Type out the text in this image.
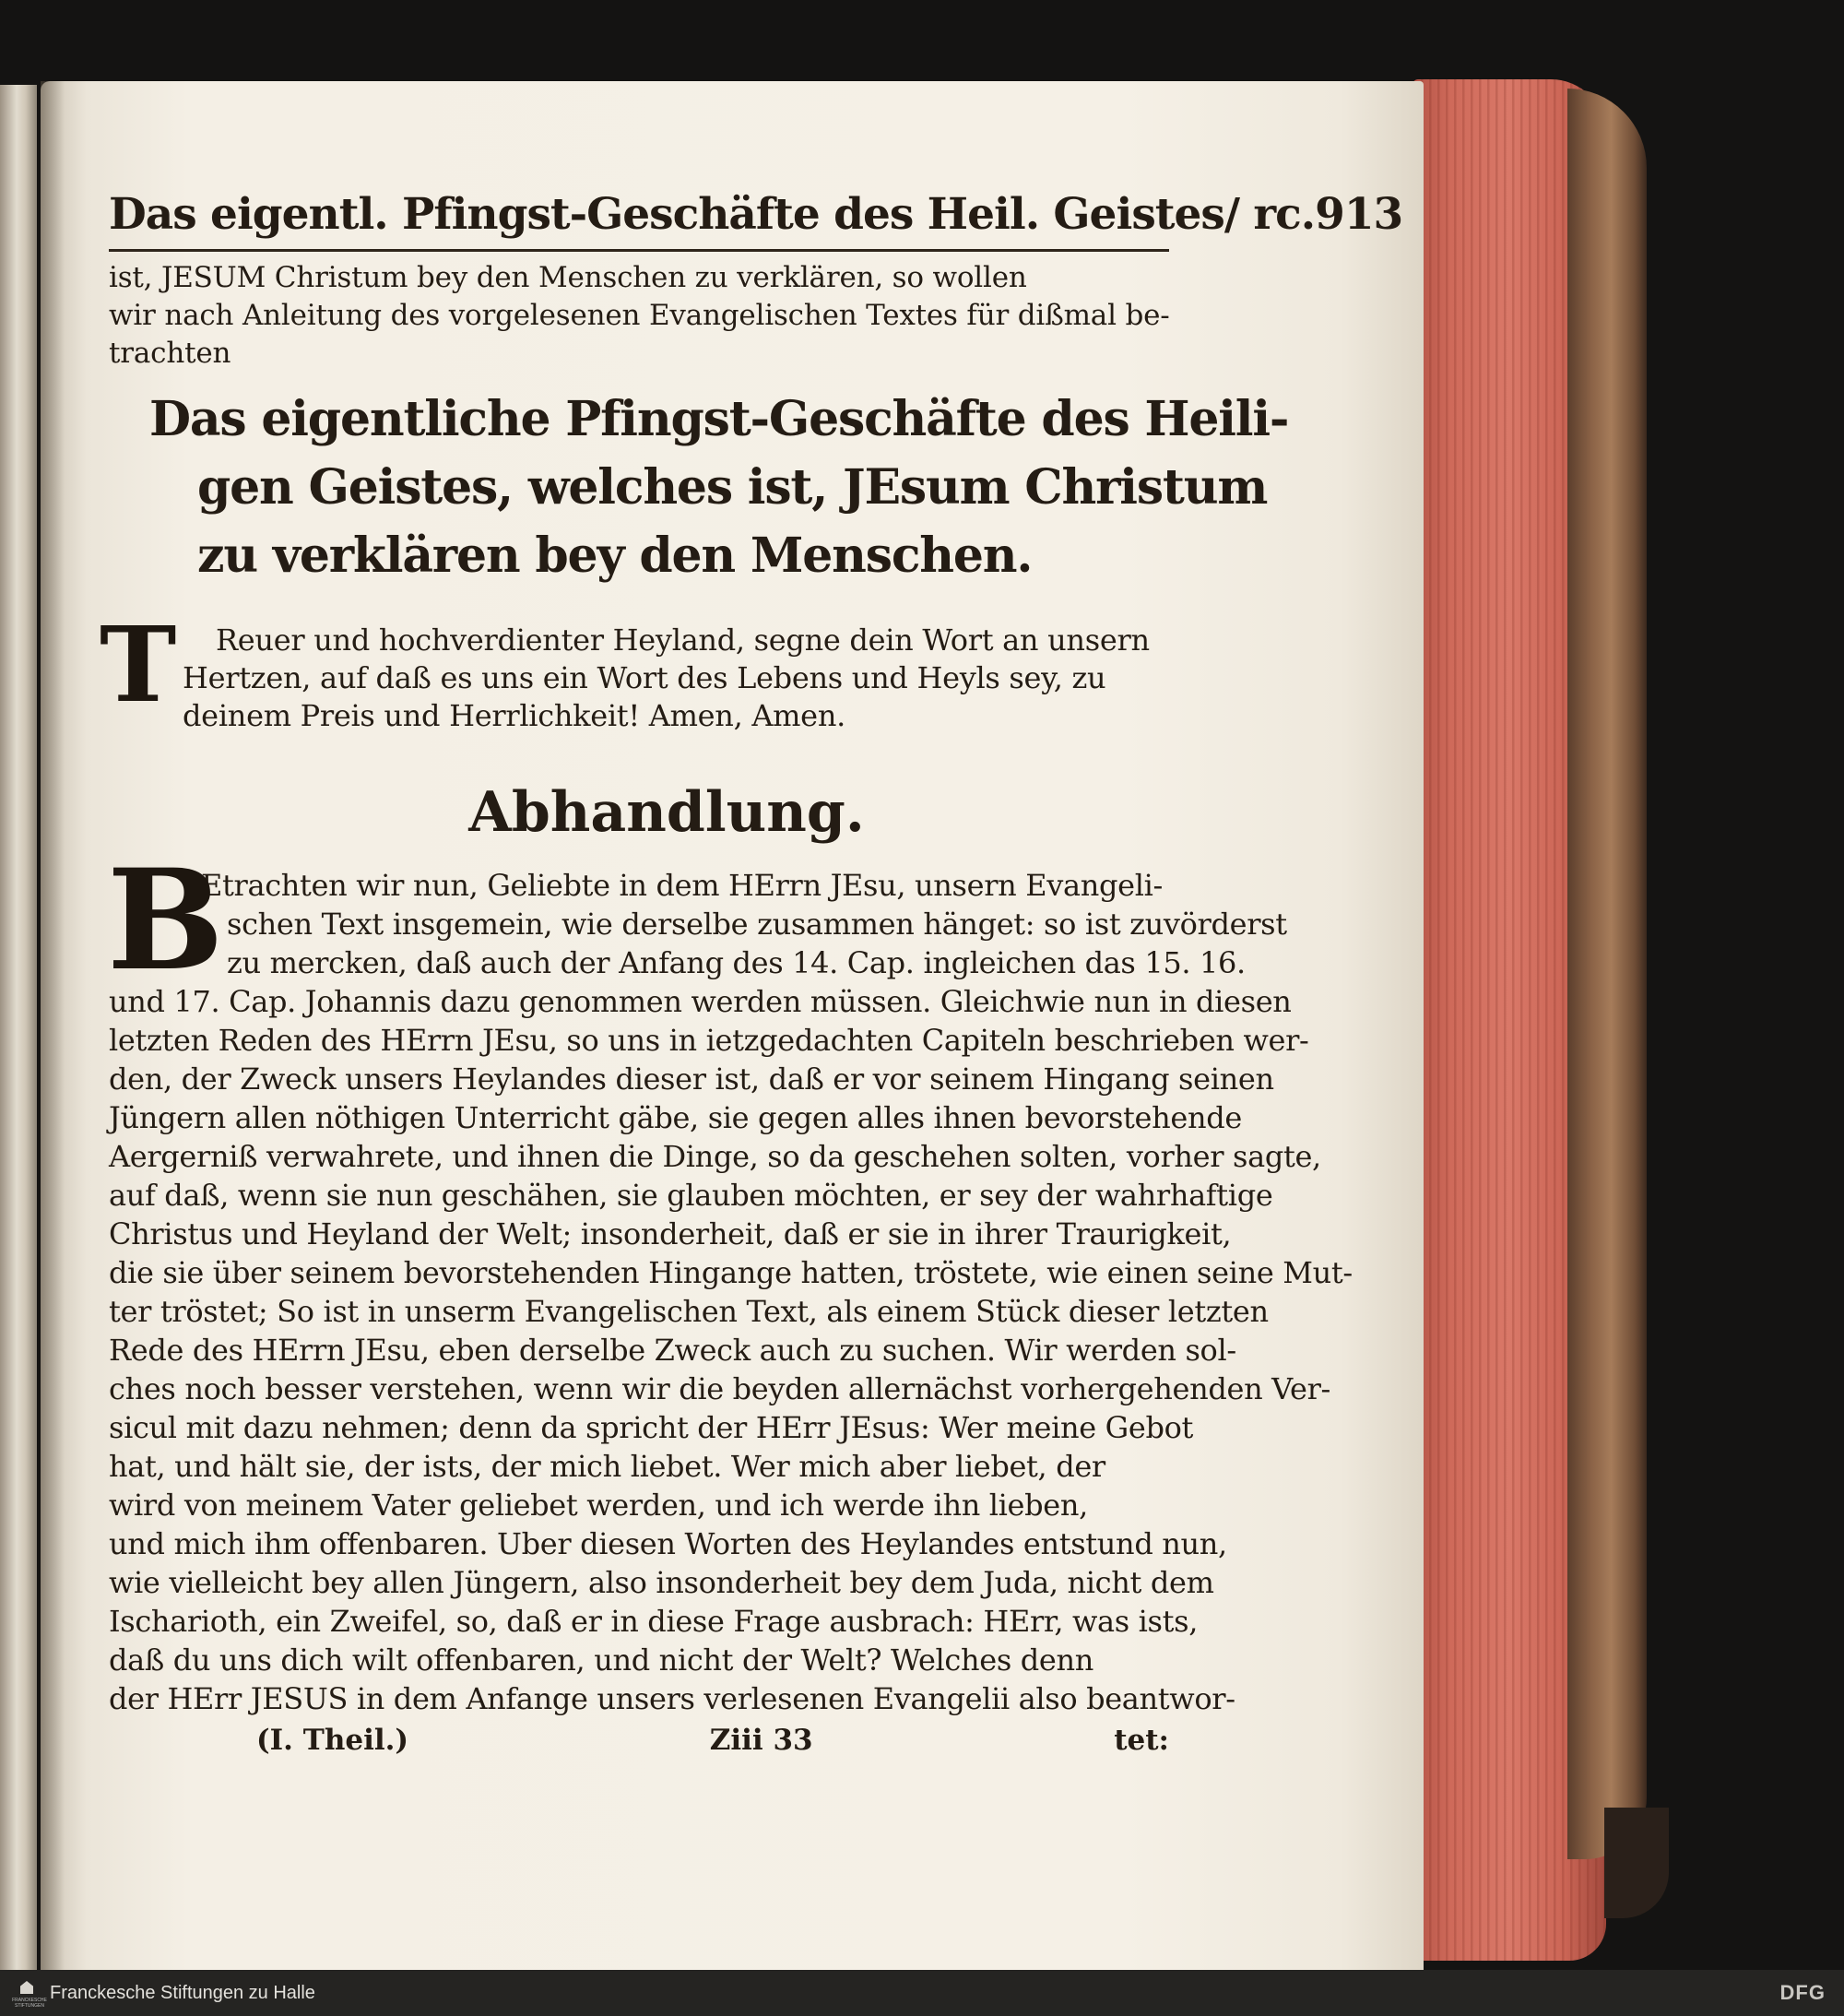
Das eigentl. Pfingst-Geschäfte des Heil. Geistes/ rc. 913
ist, JESUM Christum bey den Menschen zu verklären, so wollen
wir nach Anleitung des vorgelesenen Evangelischen Textes für dißmal be-
trachten
Das eigentliche Pfingst-Geschäfte des Heili-
gen Geistes, welches ist, JEsum Christum
zu verklären bey den Menschen.
T	Reuer und hochverdienter Heyland, segne dein Wort an unsern
Hertzen, auf daß es uns ein Wort des Lebens und Heyls sey, zu
deinem Preis und Herrlichkeit! Amen, Amen.
Abhandlung.
B
Etrachten wir nun, Geliebte in dem HErrn JEsu, unsern Evangeli-
schen Text insgemein, wie derselbe zusammen hänget: so ist zuvörderst
zu mercken, daß auch der Anfang des 14. Cap. ingleichen das 15. 16.
und 17. Cap. Johannis dazu genommen werden müssen. Gleichwie nun in diesen
letzten Reden des HErrn JEsu, so uns in ietzgedachten Capiteln beschrieben wer-
den, der Zweck unsers Heylandes dieser ist, daß er vor seinem Hingang seinen
Jüngern allen nöthigen Unterricht gäbe, sie gegen alles ihnen bevorstehende
Aergerniß verwahrete, und ihnen die Dinge, so da geschehen solten, vorher sagte,
auf daß, wenn sie nun geschähen, sie glauben möchten, er sey der wahrhaftige
Christus und Heyland der Welt; insonderheit, daß er sie in ihrer Traurigkeit,
die sie über seinem bevorstehenden Hingange hatten, tröstete, wie einen seine Mut-
ter tröstet; So ist in unserm Evangelischen Text, als einem Stück dieser letzten
Rede des HErrn JEsu, eben derselbe Zweck auch zu suchen. Wir werden sol-
ches noch besser verstehen, wenn wir die beyden allernächst vorhergehenden Ver-
sicul mit dazu nehmen; denn da spricht der HErr JEsus: Wer meine Gebot
hat, und hält sie, der ists, der mich liebet. Wer mich aber liebet, der
wird von meinem Vater geliebet werden, und ich werde ihn lieben,
und mich ihm offenbaren. Uber diesen Worten des Heylandes entstund nun,
wie vielleicht bey allen Jüngern, also insonderheit bey dem Juda, nicht dem
Ischarioth, ein Zweifel, so, daß er in diese Frage ausbrach: HErr, was ists,
daß du uns dich wilt offenbaren, und nicht der Welt? Welches denn
der HErr JESUS in dem Anfange unsers verlesenen Evangelii also beantwor-
(I. Theil.)	Ziii 33	tet:
FRANCKESCHE STIFTUNGEN
Franckesche Stiftungen zu Halle	DFG
